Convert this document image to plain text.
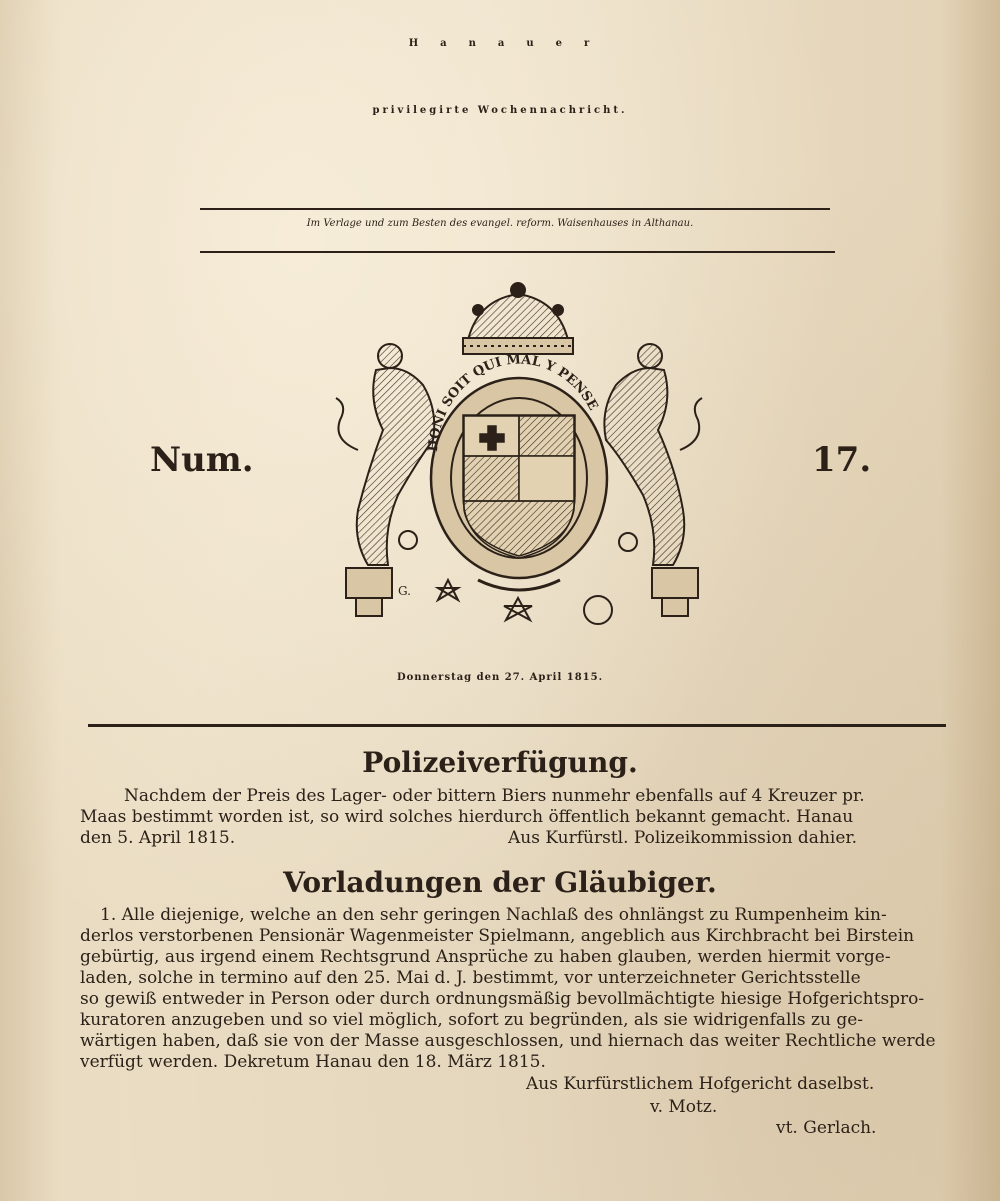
Hanauer
privilegirte Wochennachricht.
Im Verlage und zum Besten des evangel. reform. Waisenhauses in Althanau.
Num.	17.
HONI SOIT QUI MAL Y PENSE
G.
Donnerstag den 27. April 1815.
Polizeiverfügung.
Nachdem der Preis des Lager- oder bittern Biers nunmehr ebenfalls auf 4 Kreuzer pr.
Maas bestimmt worden ist, so wird solches hierdurch öffentlich bekannt gemacht. Hanau
den 5. April 1815.	Aus Kurfürstl. Polizeikommission dahier.
Vorladungen der Gläubiger.
1. Alle diejenige, welche an den sehr geringen Nachlaß des ohnlängst zu Rumpenheim kin-
derlos verstorbenen Pensionär Wagenmeister Spielmann, angeblich aus Kirchbracht bei Birstein
gebürtig, aus irgend einem Rechtsgrund Ansprüche zu haben glauben, werden hiermit vorge-
laden, solche in termino auf den 25. Mai d. J. bestimmt, vor unterzeichneter Gerichtsstelle
so gewiß entweder in Person oder durch ordnungsmäßig bevollmächtigte hiesige Hofgerichtspro-
kuratoren anzugeben und so viel möglich, sofort zu begründen, als sie widrigenfalls zu ge-
wärtigen haben, daß sie von der Masse ausgeschlossen, und hiernach das weiter Rechtliche werde
verfügt werden. Dekretum Hanau den 18. März 1815.
Aus Kurfürstlichem Hofgericht daselbst.
v. Motz.
vt. Gerlach.
